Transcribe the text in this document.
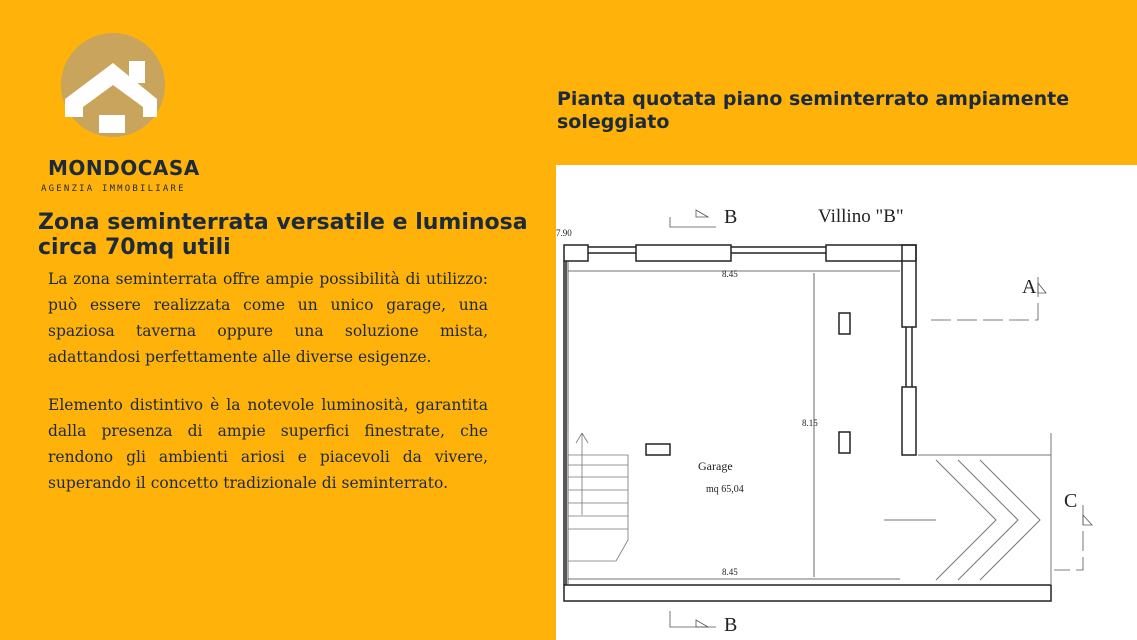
MONDOCASA
AGENZIA IMMOBILIARE
Zona seminterrata versatile e luminosa circa 70mq utili

La zona seminterrata offre ampie possibilità di utilizzo: può essere realizzata come un unico garage, una spaziosa taverna oppure una soluzione mista, adattandosi perfettamente alle diverse esigenze.

Elemento distintivo è la notevole luminosità, garantita dalla presenza di ampie superfici finestrate, che rendono gli ambienti ariosi e piacevoli da vivere, superando il concetto tradizionale di seminterrato.

Pianta quotata piano seminterrato ampiamente soleggiato
B
B
A
C
Villino "B"
7.90
8.45
8.45
8.15
Garage
mq 65,04
